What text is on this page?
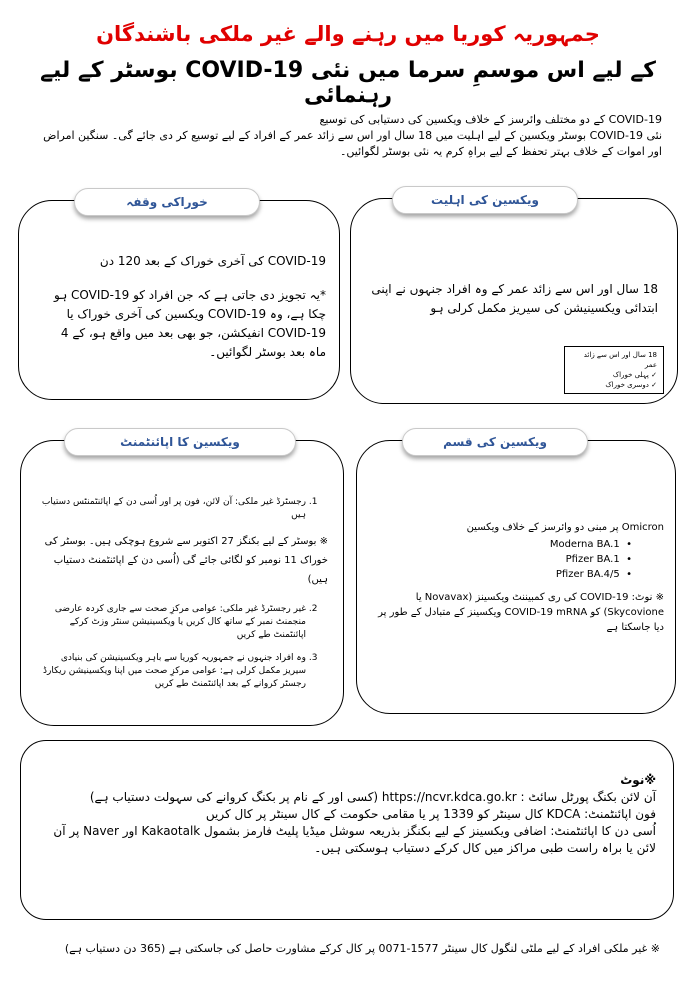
جمہوریہ کوریا میں رہنے والے غیر ملکی باشندگان
کے لیے اس موسمِ سرما میں نئی COVID-19 بوسٹر کے لیے رہنمائی
COVID-19 کے دو مختلف وائرسز کے خلاف ویکسین کی دستیابی کی توسیع
نئی COVID-19 بوسٹر ویکسین کے لیے اہلیت میں 18 سال اور اس سے زائد عمر کے افراد کے لیے توسیع کر دی جائے گی۔ سنگین امراض
اور اموات کے خلاف بہتر تحفظ کے لیے براہِ کرم یہ نئی بوسٹر لگوائیں۔
ویکسین کی اہلیت
18 سال اور اس سے زائد عمر کے وہ افراد جنہوں نے اپنی ابتدائی ویکسینیشن کی سیریز مکمل کرلی ہو
18 سال اور اس سے زائد عمر
✓ پہلی خوراک
✓ دوسری خوراک
خوراکی وقفہ
COVID-19 کی آخری خوراک کے بعد 120 دن
*یہ تجویز دی جاتی ہے کہ جن افراد کو COVID-19 ہو چکا ہے، وہ COVID-19 ویکسین کی آخری خوراک یا COVID-19 انفیکشن، جو بھی بعد میں واقع ہو، کے 4 ماہ بعد بوسٹر لگوائیں۔
ویکسین کی قسم
Omicron پر مبنی دو وائرسز کے خلاف ویکسین
Moderna BA.1  •
Pfizer BA.1  •
Pfizer BA.4/5  •
※ نوٹ: COVID-19 کی ری کمبیننٹ ویکسینز (Novavax یا Skycovione) کو COVID-19 mRNA ویکسینز کے متبادل کے طور پر دیا جاسکتا ہے
ویکسین کا اپائنٹمنٹ
1. رجسٹرڈ غیر ملکی: آن لائن، فون پر اور اُسی دن کے اپائنٹمنٹس دستیاب ہیں
※ بوسٹر کے لیے بکنگز 27 اکتوبر سے شروع ہوچکی ہیں۔ بوسٹر کی خوراک 11 نومبر کو لگائی جائے گی (اُسی دن کے اپائنٹمنٹ دستیاب ہیں)
2. غیر رجسٹرڈ غیر ملکی: عوامی مرکزِ صحت سے جاری کردہ عارضی منجمنٹ نمبر کے ساتھ کال کریں یا ویکسینیشن سنٹر وزٹ کرکے اپائنٹمنٹ طے کریں
3. وہ افراد جنہوں نے جمہوریہ کوریا سے باہر ویکسینیشن کی بنیادی سیریز مکمل کرلی ہے: عوامی مرکزِ صحت میں اپنا ویکسینیشن ریکارڈ رجسٹر کروانے کے بعد اپائنٹمنٹ طے کریں
※نوٹ
آن لائن بکنگ پورٹل سائٹ : https://ncvr.kdca.go.kr (کسی اور کے نام پر بکنگ کروانے کی سہولت دستیاب ہے)
فون اپائنٹمنٹ: KDCA کال سینٹر کو 1339 پر یا مقامی حکومت کے کال سینٹر پر کال کریں
اُسی دن کا اپائنٹمنٹ: اضافی ویکسینز کے لیے بکنگز بذریعہ سوشل میڈیا پلیٹ فارمز بشمول Kakaotalk اور Naver پر آن لائن یا براہ راست طبی مراکز میں کال کرکے دستیاب ہوسکتی ہیں۔
※ غیر ملکی افراد کے لیے ملٹی لنگول کال سینٹر 1577-0071 پر کال کرکے مشاورت حاصل کی جاسکتی ہے (365 دن دستیاب ہے)
